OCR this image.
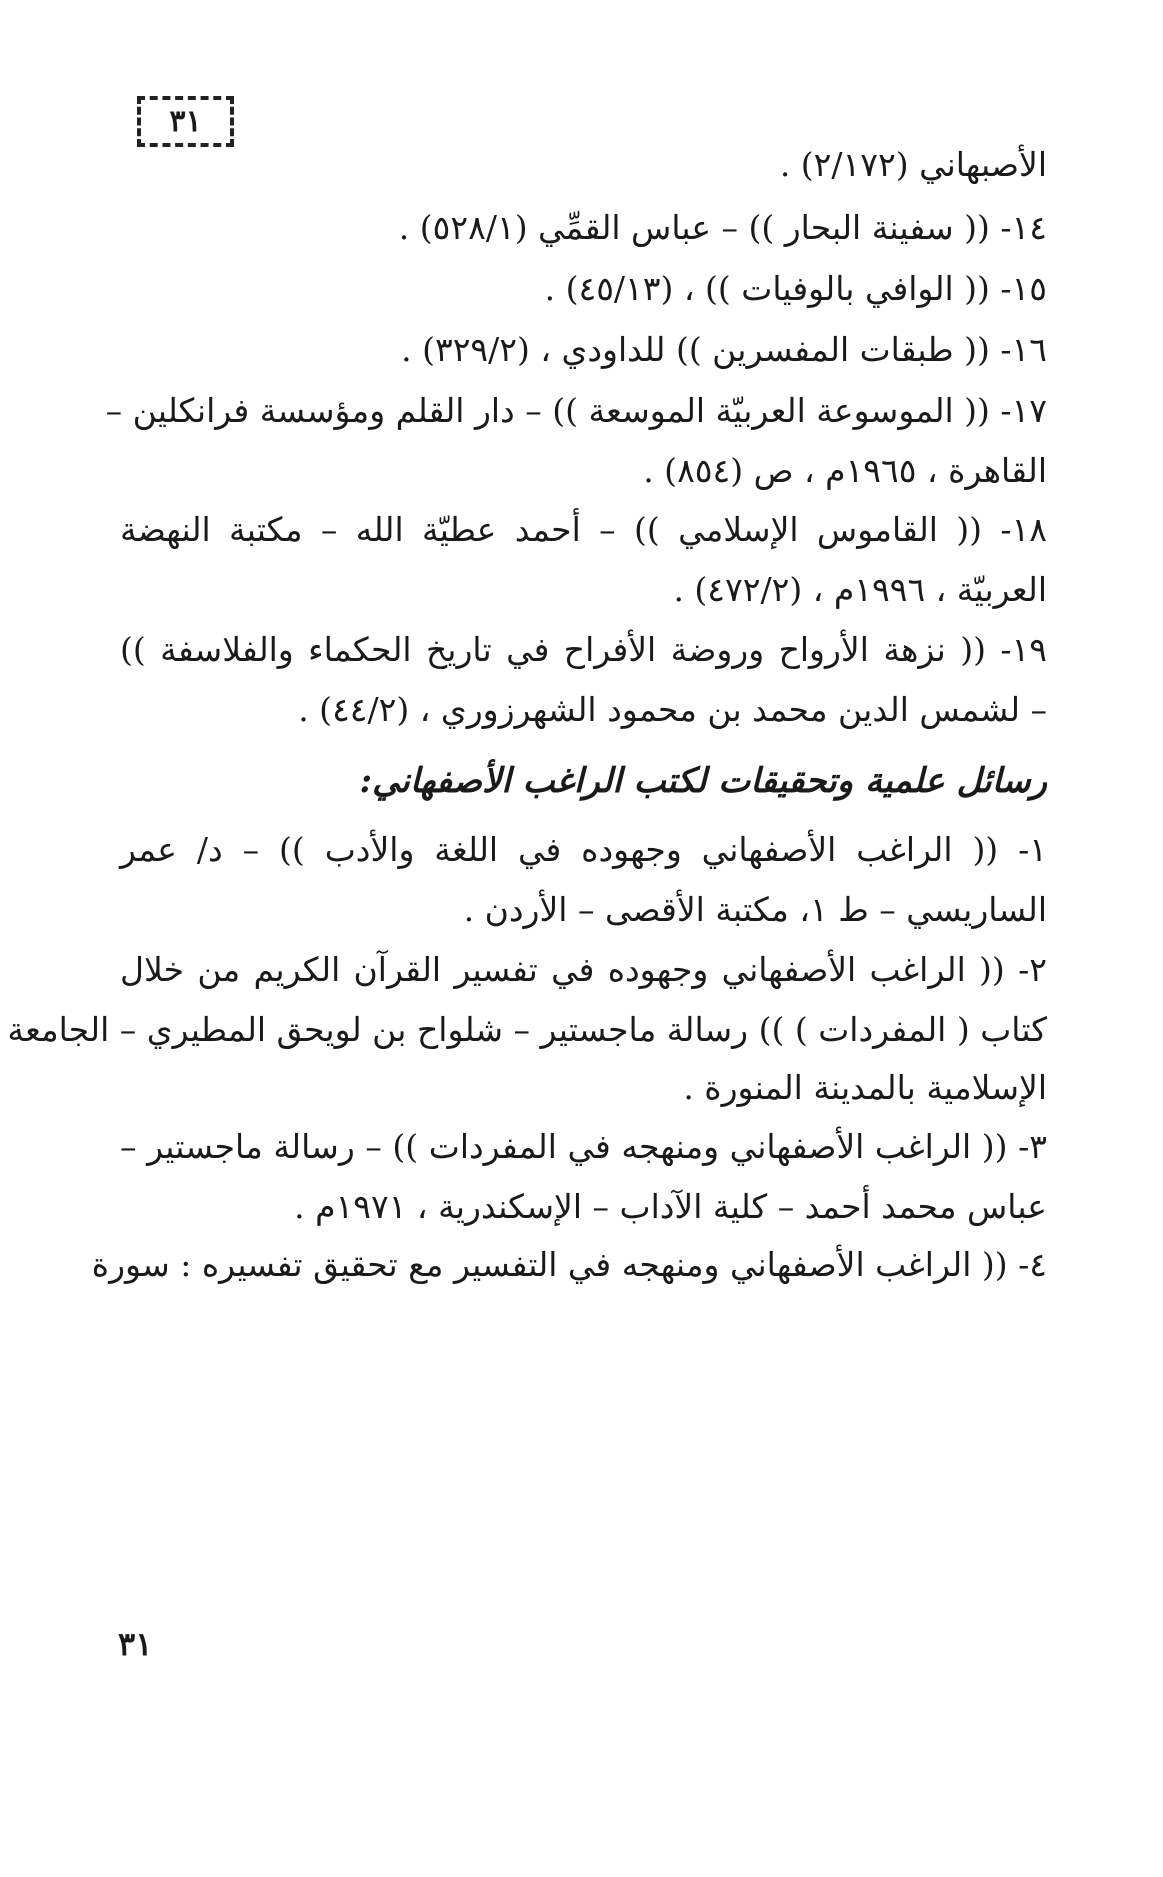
٣١
الأصبهاني (٢/١٧٢) .
١٤- (( سفينة البحار )) – عباس القمِّي (٥٢٨/١) .
١٥- (( الوافي بالوفيات )) ، (٤٥/١٣) .
١٦- (( طبقات المفسرين )) للداودي ، (٣٢٩/٢) .
١٧- (( الموسوعة العربيّة الموسعة )) – دار القلم ومؤسسة فرانكلين –
القاهرة ، ١٩٦٥م ، ص (٨٥٤) .
١٨- (( القاموس الإسلامي )) – أحمد عطيّة الله – مكتبة النهضة
العربيّة ، ١٩٩٦م ، (٤٧٢/٢) .
١٩- (( نزهة الأرواح وروضة الأفراح في تاريخ الحكماء والفلاسفة ))
– لشمس الدين محمد بن محمود الشهرزوري ، (٤٤/٢) .
رسائل علمية وتحقيقات لكتب الراغب الأصفهاني:
١- (( الراغب الأصفهاني وجهوده في اللغة والأدب )) – د/ عمر
الساريسي – ط ١، مكتبة الأقصى – الأردن .
٢- (( الراغب الأصفهاني وجهوده في تفسير القرآن الكريم من خلال
كتاب ( المفردات ) )) رسالة ماجستير – شلواح بن لويحق المطيري – الجامعة
الإسلامية بالمدينة المنورة .
٣- (( الراغب الأصفهاني ومنهجه في المفردات )) – رسالة ماجستير –
عباس محمد أحمد – كلية الآداب – الإسكندرية ، ١٩٧١م .
٤- (( الراغب الأصفهاني ومنهجه في التفسير مع تحقيق تفسيره : سورة
٣١
